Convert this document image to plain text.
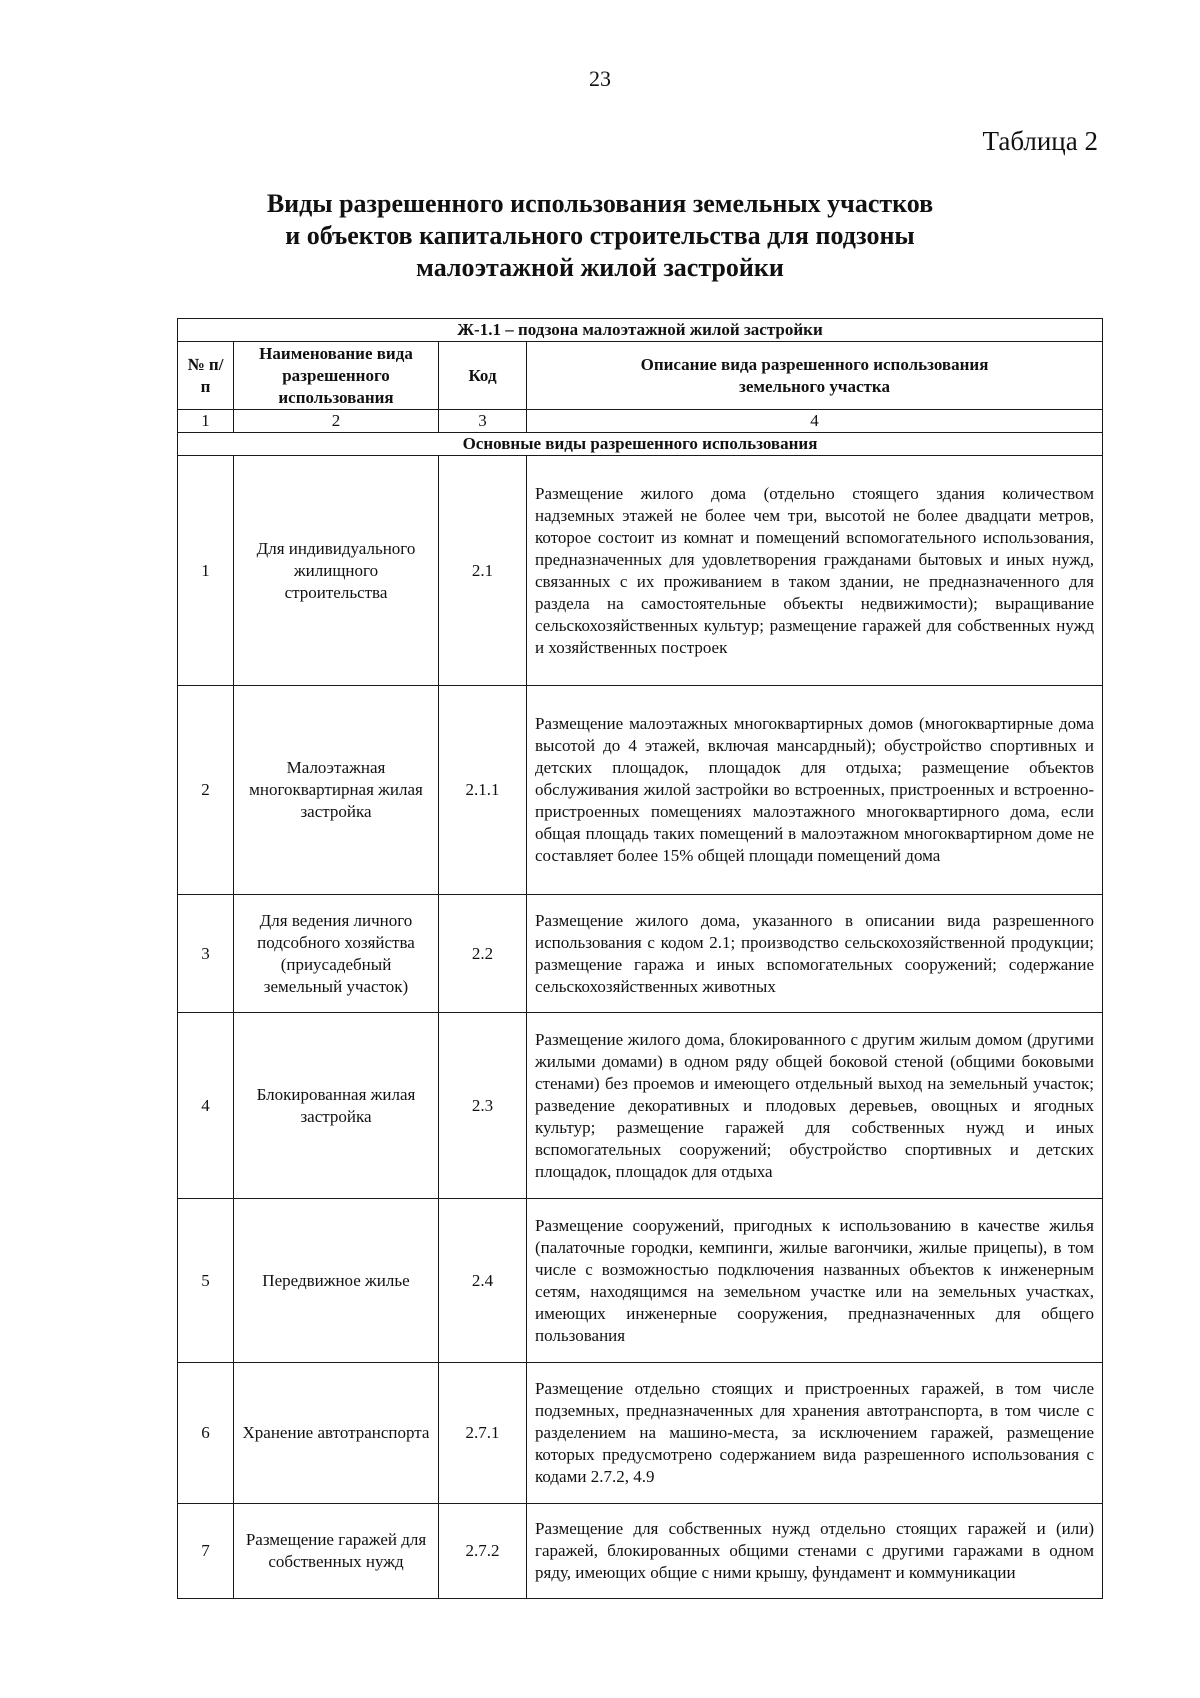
23
Таблица 2
Виды разрешенного использования земельных участков
и объектов капитального строительства для подзоны
малоэтажной жилой застройки
Ж-1.1 – подзона малоэтажной жилой застройки			
№ п/п	Наименование вида разрешенного использования	Код	Описание вида разрешенного использования земельного участка
1	2	3	4
Основные виды разрешенного использования			
1	Для индивидуального жилищного строительства	2.1	Размещение жилого дома (отдельно стоящего здания количеством надземных этажей не более чем три, высотой не более двадцати метров, которое состоит из комнат и помещений вспомогательного использования, предназначенных для удовлетворения гражданами бытовых и иных нужд, связанных с их проживанием в таком здании, не предназначенного для раздела на самостоятельные объекты недвижимости); выращивание сельскохозяйственных культур; размещение гаражей для собственных нужд и хозяйственных построек
2	Малоэтажная многоквартирная жилая застройка	2.1.1	Размещение малоэтажных многоквартирных домов (многоквартирные дома высотой до 4 этажей, включая мансардный); обустройство спортивных и детских площадок, площадок для отдыха; размещение объектов обслуживания жилой застройки во встроенных, пристроенных и встроенно-пристроенных помещениях малоэтажного многоквартирного дома, если общая площадь таких помещений в малоэтажном многоквартирном доме не составляет более 15% общей площади помещений дома
3	Для ведения личного подсобного хозяйства (приусадебный земельный участок)	2.2	Размещение жилого дома, указанного в описании вида разрешенного использования с кодом 2.1; производство сельскохозяйственной продукции; размещение гаража и иных вспомогательных сооружений; содержание сельскохозяйственных животных
4	Блокированная жилая застройка	2.3	Размещение жилого дома, блокированного с другим жилым домом (другими жилыми домами) в одном ряду общей боковой стеной (общими боковыми стенами) без проемов и имеющего отдельный выход на земельный участок; разведение декоративных и плодовых деревьев, овощных и ягодных культур; размещение гаражей для собственных нужд и иных вспомогательных сооружений; обустройство спортивных и детских площадок, площадок для отдыха
5	Передвижное жилье	2.4	Размещение сооружений, пригодных к использованию в качестве жилья (палаточные городки, кемпинги, жилые вагончики, жилые прицепы), в том числе с возможностью подключения названных объектов к инженерным сетям, находящимся на земельном участке или на земельных участках, имеющих инженерные сооружения, предназначенных для общего пользования
6	Хранение автотранспорта	2.7.1	Размещение отдельно стоящих и пристроенных гаражей, в том числе подземных, предназначенных для хранения автотранспорта, в том числе с разделением на машино-места, за исключением гаражей, размещение которых предусмотрено содержанием вида разрешенного использования с кодами 2.7.2, 4.9
7	Размещение гаражей для собственных нужд	2.7.2	Размещение для собственных нужд отдельно стоящих гаражей и (или) гаражей, блокированных общими стенами с другими гаражами в одном ряду, имеющих общие с ними крышу, фундамент и коммуникации
